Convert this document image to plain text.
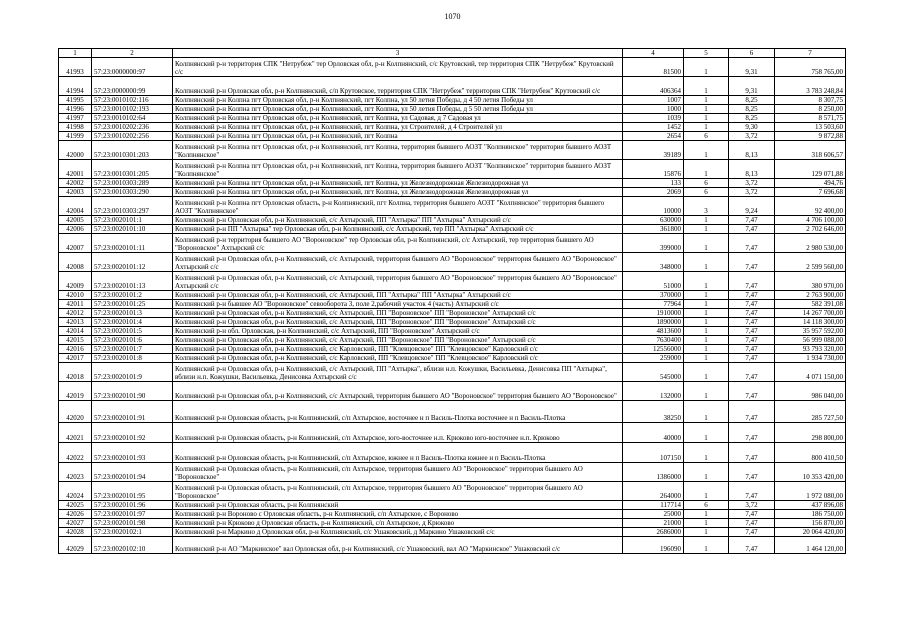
1070
1	2	3	4	5	6	7
41993	57:23:0000000:97	Колпнянский р-н территория СПК "Нетрубеж" тер Орловская обл, р-н Колпнянский, с/с Крутовский, тер территория СПК "Нетрубеж" Крутовский с/с	81500	1	9,31	758 765,00
41994	57:23:0000000:99	Колпнянский р-н Орловская обл, р-н Колпнянский, с/п Крутовское, территория СПК "Нетрубеж" территория СПК "Нетрубеж" Крутовский с/с	406364	1	9,31	3 783 248,84
41995	57:23:0010102:116	Колпнянский р-н Колпна пгт Орловская обл, р-н Колпнянский, пгт Колпна, ул 50 летия Победы, д 4 50 летия Победы ул	1007	1	8,25	8 307,75
41996	57:23:0010102:193	Колпнянский р-н Колпна пгт Орловская обл, р-н Колпнянский, пгт Колпна, ул 50 летия Победы, д 5 50 летия Победы ул	1000	1	8,25	8 250,00
41997	57:23:0010102:64	Колпнянский р-н Колпна пгт Орловская обл, р-н Колпнянский, пгт Колпна, ул Садовая, д 7 Садовая ул	1039	1	8,25	8 571,75
41998	57:23:0010202:236	Колпнянский р-н Колпна пгт Орловская обл, р-н Колпнянский, пгт Колпна, ул Строителей, д 4 Строителей ул	1452	1	9,30	13 503,60
41999	57:23:0010202:256	Колпнянский р-н Колпна пгт Орловская обл, р-н Колпнянский, пгт Колпна	2654	6	3,72	9 872,88
42000	57:23:0010301:203	Колпнянский р-н Колпна пгт Орловская обл, р-н Колпнянский, пгт Колпна, территория бывшего АОЗТ "Колпнянское" территория бывшего АОЗТ "Колпнянское"	39189	1	8,13	318 606,57
42001	57:23:0010301:205	Колпнянский р-н Колпна пгт Орловская обл, р-н Колпнянский, пгт Колпна, территория бывшего АОЗТ "Колпнянское" территория бывшего АОЗТ "Колпнянское"	15876	1	8,13	129 071,88
42002	57:23:0010303:289	Колпнянский р-н Колпна пгт Орловская обл, р-н Колпнянский, пгт Колпна, ул Железнодорожная Железнодорожная ул	133	6	3,72	494,76
42003	57:23:0010303:290	Колпнянский р-н Колпна пгт Орловская обл, р-н Колпнянский, пгт Колпна, ул Железнодорожная Железнодорожная ул	2069	6	3,72	7 696,68
42004	57:23:0010303:297	Колпнянский р-н Колпна пгт Орловская область, р-н Колпнянский, пгт Колпна, территория бывшего АОЗТ "Колпнянское" территория бывшего АОЗТ "Колпнянское"	10000	3	9,24	92 400,00
42005	57:23:0020101:1	Колпнянский р-н Орловская обл, р-н Колпнянский, с/с Ахтырский, ПП "Ахтырка" ПП "Ахтырка" Ахтырский с/с	630000	1	7,47	4 706 100,00
42006	57:23:0020101:10	Колпнянский р-н ПП "Ахтырка" тер Орловская обл, р-н Колпнянский, с/с Ахтырский, тер ПП "Ахтырка" Ахтырский с/с	361800	1	7,47	2 702 646,00
42007	57:23:0020101:11	Колпнянский р-н территория бывшего АО "Вороновское" тер Орловская обл, р-н Колпнянский, с/с Ахтырский, тер территория бывшего АО "Вороновское" Ахтырский с/с	399000	1	7,47	2 980 530,00
42008	57:23:0020101:12	Колпнянский р-н Орловская обл, р-н Колпнянский, с/с Ахтырский, территория бывшего АО "Вороновское" территория бывшего АО "Вороновское" Ахтырский с/с	348000	1	7,47	2 599 560,00
42009	57:23:0020101:13	Колпнянский р-н Орловская обл, р-н Колпнянский, с/с Ахтырский, территория бывшего АО "Вороновское" территория бывшего АО "Вороновское" Ахтырский с/с	51000	1	7,47	380 970,00
42010	57:23:0020101:2	Колпнянский р-н Орловская обл, р-н Колпнянский, с/с Ахтырский, ПП "Ахтырка" ПП "Ахтырка" Ахтырский с/с	370000	1	7,47	2 763 900,00
42011	57:23:0020101:25	Колпнянский р-н бывшее АО "Вороновское" севооборота 3, поле 2,рабочий участок 4 (часть) Ахтырский с/с	77964	1	7,47	582 391,08
42012	57:23:0020101:3	Колпнянский р-н Орловская обл, р-н Колпнянский, с/с Ахтырский, ПП "Вороновское" ПП "Вороновское" Ахтырский с/с	1910000	1	7,47	14 267 700,00
42013	57:23:0020101:4	Колпнянский р-н Орловская обл, р-н Колпнянский, с/с Ахтырский, ПП "Вороновское" ПП "Вороновское" Ахтырский с/с	1890000	1	7,47	14 118 300,00
42014	57:23:0020101:5	Колпнянский р-н обл. Орловская, р-н Колпнянский, с/с Ахтырский, ПП "Вороновское" Ахтырский с/с	4813600	1	7,47	35 957 592,00
42015	57:23:0020101:6	Колпнянский р-н Орловская обл, р-н Колпнянский, с/с Ахтырский, ПП "Вороновское" ПП "Вороновское" Ахтырский с/с	7630400	1	7,47	56 999 088,00
42016	57:23:0020101:7	Колпнянский р-н Орловская обл, р-н Колпнянский, с/с Карловский, ПП "Клевцовское" ПП "Клевцовское" Карловский с/с	12556000	1	7,47	93 793 320,00
42017	57:23:0020101:8	Колпнянский р-н Орловская обл, р-н Колпнянский, с/с Карловский, ПП "Клевцовское" ПП "Клевцовское" Карловский с/с	259000	1	7,47	1 934 730,00
42018	57:23:0020101:9	Колпнянский р-н Орловская обл, р-н Колпнянский, с/с Ахтырский, ПП "Ахтырка", вблизи н.п. Кожушки, Васильевка, Денисовка ПП "Ахтырка", вблизи н.п. Кожушки, Васильевка, Денисовка Ахтырский с/с	545000	1	7,47	4 071 150,00
42019	57:23:0020101:90	Колпнянский р-н Орловская обл, р-н Колпнянский, с/с Ахтырский, территория бывшего АО "Вороновское" территория бывшего АО "Вороновское"	132000	1	7,47	986 040,00
42020	57:23:0020101:91	Колпнянский р-н Орловская область, р-н Колпнянский, с/п Ахтырское, восточнее н п Василь-Плотка восточнее н п Василь-Плотка	38250	1	7,47	285 727,50
42021	57:23:0020101:92	Колпнянский р-н Орловская область, р-н Колпнянский, с/п Ахтырское, юго-восточнее н.п. Крюково юго-восточнее н.п. Крюково	40000	1	7,47	298 800,00
42022	57:23:0020101:93	Колпнянский р-н Орловская область, р-н Колпнянский, с/п Ахтырское, южнее н п Василь-Плотка южнее н п Василь-Плотка	107150	1	7,47	800 410,50
42023	57:23:0020101:94	Колпнянский р-н Орловская область, р-н Колпнянский, с/п Ахтырское, территория бывшего АО "Вороновское" территория бывшего АО "Вороновское"	1386000	1	7,47	10 353 420,00
42024	57:23:0020101:95	Колпнянский р-н Орловская область, р-н Колпнянский, с/п Ахтырское, территория бывшего АО "Вороновское" территория бывшего АО "Вороновское"	264000	1	7,47	1 972 080,00
42025	57:23:0020101:96	Колпнянский р-н Орловская область, р-н Колпнянский	117714	6	3,72	437 896,08
42026	57:23:0020101:97	Колпнянский р-н Вороново с Орловская область, р-н Колпнянский, с/п Ахтырское, с Вороново	25000	1	7,47	186 750,00
42027	57:23:0020101:98	Колпнянский р-н Крюково д Орловская область, р-н Колпнянский, с/п Ахтырское, д Крюково	21000	1	7,47	156 870,00
42028	57:23:0020102:1	Колпнянский р-н Маркино д Орловская обл, р-н Колпнянский, с/с Ушаковский, д Маркино Ушаковский с/с	2686000	1	7,47	20 064 420,00
42029	57:23:0020102:10	Колпнянский р-н АО "Маркинское" вал Орловская обл, р-н Колпнянский, с/с Ушаковский, вал АО "Маркинское" Ушаковский с/с	196090	1	7,47	1 464 120,00
